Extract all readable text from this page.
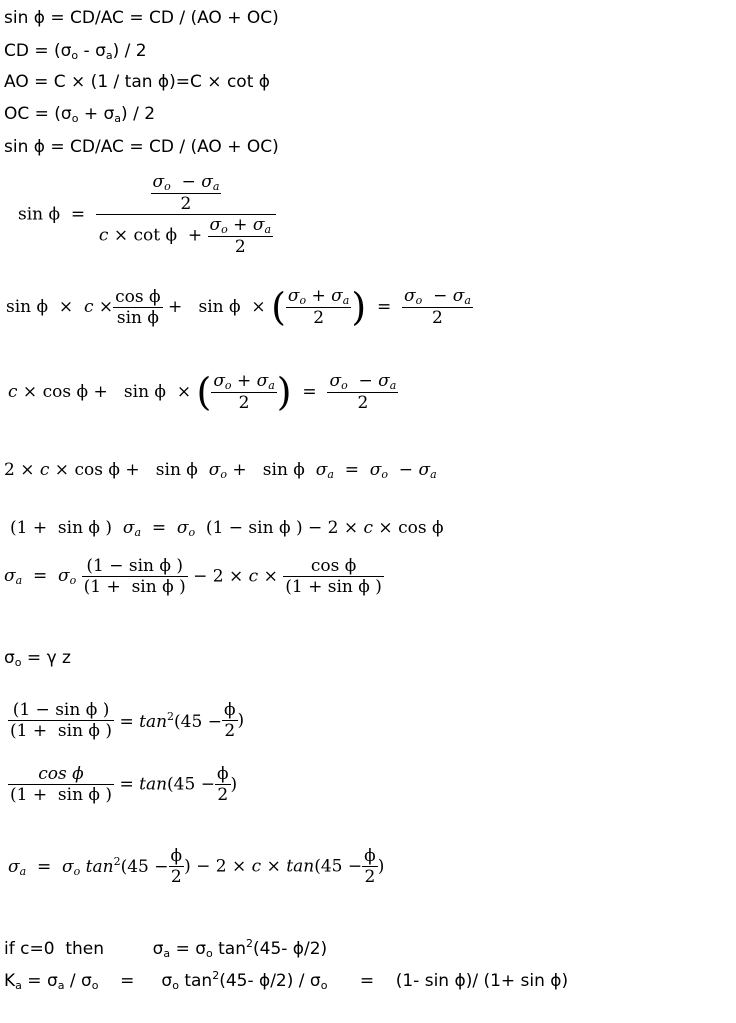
sin ϕ = CD/AC = CD / (AO + OC)
CD = $(\sigma_o - \sigma_a) / 2$
AO = C × (1 / tan ϕ)=C × cot ϕ
OC = $(\sigma_o + \sigma_a) / 2$
sin ϕ = CD/AC = CD / (AO + OC)
$\sin \phi = \frac{\frac{\sigma_o - \sigma_a}{2}}{c \times \cot \phi + \frac{\sigma_o + \sigma_a}{2}}$
$\sin \phi \times c \times \frac{\text{cos ϕ}}{\text{sin ϕ}} + \sin \phi$  × ( $\frac{\sigma_o + \sigma_a}{2}$ )  = $\frac{\sigma_o - \sigma_a}{2}$
c × cos ϕ +   sin ϕ  × ( $\frac{\sigma_o + \sigma_a}{2}$ )  = $\frac{\sigma_o - \sigma_a}{2}$
2 × c × cos ϕ +   sin ϕ  $\sigma_o + \sin \phi$  $\sigma_a = \sigma_o - \sigma_a$
(1 +  sin ϕ )  $\sigma_a = \sigma_o$  (1 − sin ϕ ) − 2 × c × cos ϕ
$\sigma_a = \sigma_o \frac{\text{(1 − sin ϕ )}}{\text{(1 +  sin ϕ )}} - 2 \times c \times \frac{\text{cos ϕ}}{\text{(1 + sin ϕ )}}$
$\sigma_o = \gamma$ z
$\frac{\text{(1 − sin ϕ )}}{\text{(1 +  sin ϕ )}} = \tan^2(45 - \frac{\phi}{2}$ )
$\frac{\text{cos ϕ}}{\text{(1 +  sin ϕ )}} = \tan(45 - \frac{\phi}{2}$ )
$\sigma_a = \sigma_o$ $\tan^2(45 - \frac{\phi}{2}$ ) − $2 \times c \times \tan(45 - \frac{\phi}{2}$ )
if c=0  then         $\sigma_a = \sigma_o$ $\tan^2(45-$ ϕ/2)
$K_a = \sigma_a / \sigma_o$    =     $\sigma_o$ $\tan^2(45-$ $\phi/2) / \sigma_o$      =    (1- sin ϕ)/ (1+ sin ϕ)
